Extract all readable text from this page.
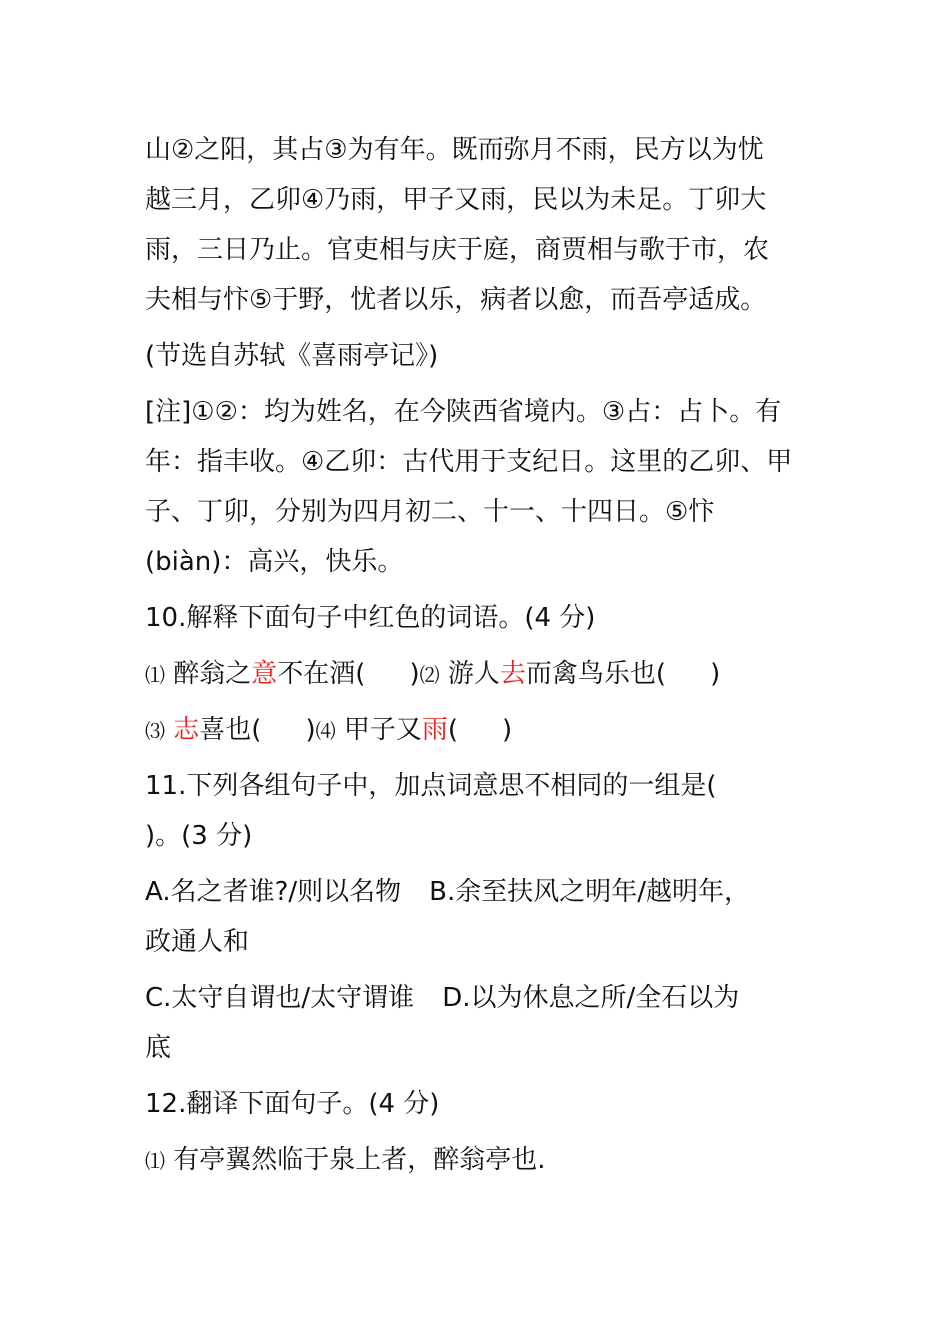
山②之阳，其占③为有年。既而弥月不雨，民方以为忧
越三月，乙卯④乃雨，甲子又雨，民以为未足。丁卯大
雨，三日乃止。官吏相与庆于庭，商贾相与歌于市，农
夫相与忭⑤于野，忧者以乐，病者以愈，而吾亭适成。
(节选自苏轼《喜雨亭记》)
[注]①②：均为姓名，在今陕西省境内。③占：占卜。有
年：指丰收。④乙卯：古代用于支纪日。这里的乙卯、甲
子、丁卯，分别为四月初二、十一、十四日。⑤忭
(biàn)：高兴，快乐。
10.解释下面句子中红色的词语。(4 分)
⑴ 醉翁之意不在酒( )⑵ 游人去而禽鸟乐也( )
⑶ 志喜也( )⑷ 甲子又雨( )
11.下列各组句子中，加点词意思不相同的一组是(
)。(3 分)
A.名之者谁?/则以名物 B.余至扶风之明年/越明年，
政通人和
C.太守自谓也/太守谓谁 D.以为休息之所/全石以为
底
12.翻译下面句子。(4 分)
⑴ 有亭翼然临于泉上者，醉翁亭也.
